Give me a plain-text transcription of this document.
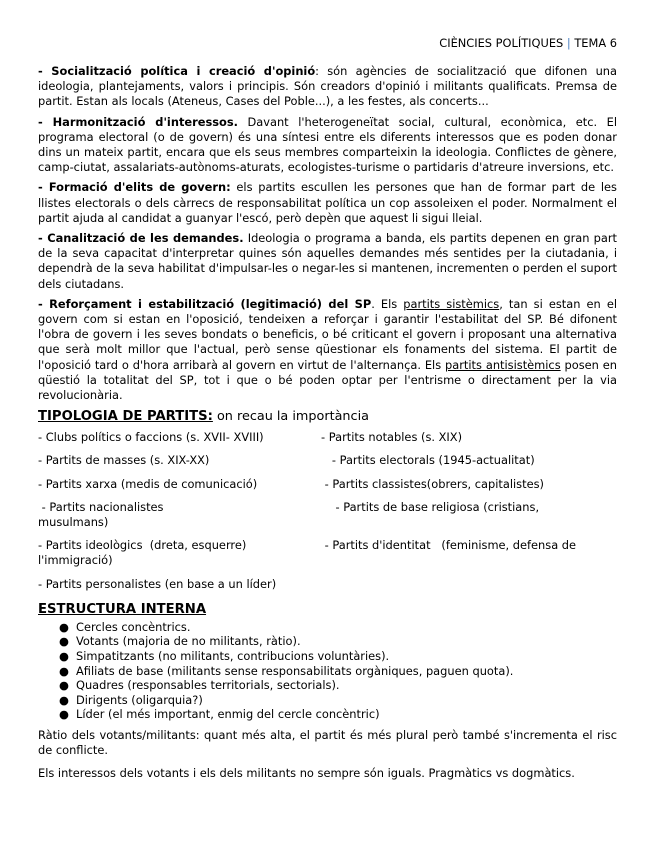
CIÈNCIES POLÍTIQUES | TEMA 6

- Socialització política i creació d'opinió: són agències de socialització que difonen una ideologia, plantejaments, valors i principis. Són creadors d'opinió i militants qualificats. Premsa de partit. Estan als locals (Ateneus, Cases del Poble...), a les festes, als concerts...

- Harmonització d'interessos. Davant l'heterogeneïtat social, cultural, econòmica, etc. El programa electoral (o de govern) és una síntesi entre els diferents interessos que es poden donar dins un mateix partit, encara que els seus membres comparteixin la ideologia. Conflictes de gènere, camp-ciutat, assalariats-autònoms-aturats, ecologistes-turisme o partidaris d'atreure inversions, etc.

- Formació d'elits de govern: els partits escullen les persones que han de formar part de les llistes electorals o dels càrrecs de responsabilitat política un cop assoleixen el poder. Normalment el partit ajuda al candidat a guanyar l'escó, però depèn que aquest li sigui lleial.

- Canalització de les demandes. Ideologia o programa a banda, els partits depenen en gran part de la seva capacitat d'interpretar quines són aquelles demandes més sentides per la ciutadania, i dependrà de la seva habilitat d'impulsar-les o negar-les si mantenen, incrementen o perden el suport dels ciutadans.

- Reforçament i estabilització (legitimació) del SP. Els partits sistèmics, tan si estan en el govern com si estan en l'oposició, tendeixen a reforçar i garantir l'estabilitat del SP. Bé difonent l'obra de govern i les seves bondats o beneficis, o bé criticant el govern i proposant una alternativa que serà molt millor que l'actual, però sense qüestionar els fonaments del sistema. El partit de l'oposició tard o d'hora arribarà al govern en virtut de l'alternança. Els partits antisistèmics posen en qüestió la totalitat del SP, tot i que o bé poden optar per l'entrisme o directament per la via revolucionària.

TIPOLOGIA DE PARTITS: on recau la importància
- Clubs polítics o faccions (s. XVII- XVIII)	- Partits notables (s. XIX)

- Partits de masses (s. XIX-XX)	- Partits electorals (1945-actualitat)

- Partits xarxa (medis de comunicació)	- Partits classistes(obrers, capitalistes)

- Partits nacionalistes	- Partits de base religiosa (cristians,
musulmans)	

- Partits ideològics  (dreta, esquerre)	- Partits d'identitat   (feminisme, defensa de
l'immigració)	

- Partits personalistes (en base a un líder)	
ESTRUCTURA INTERNA
● Cercles concèntrics.
● Votants (majoria de no militants, ràtio).
● Simpatitzants (no militants, contribucions voluntàries).
● Afiliats de base (militants sense responsabilitats orgàniques, paguen quota).
● Quadres (responsables territorials, sectorials).
● Dirigents (oligarquia?)
● Líder (el més important, enmig del cercle concèntric)

Ràtio dels votants/militants: quant més alta, el partit és més plural però també s'incrementa el risc de conflicte.

Els interessos dels votants i els dels militants no sempre són iguals. Pragmàtics vs dogmàtics.
